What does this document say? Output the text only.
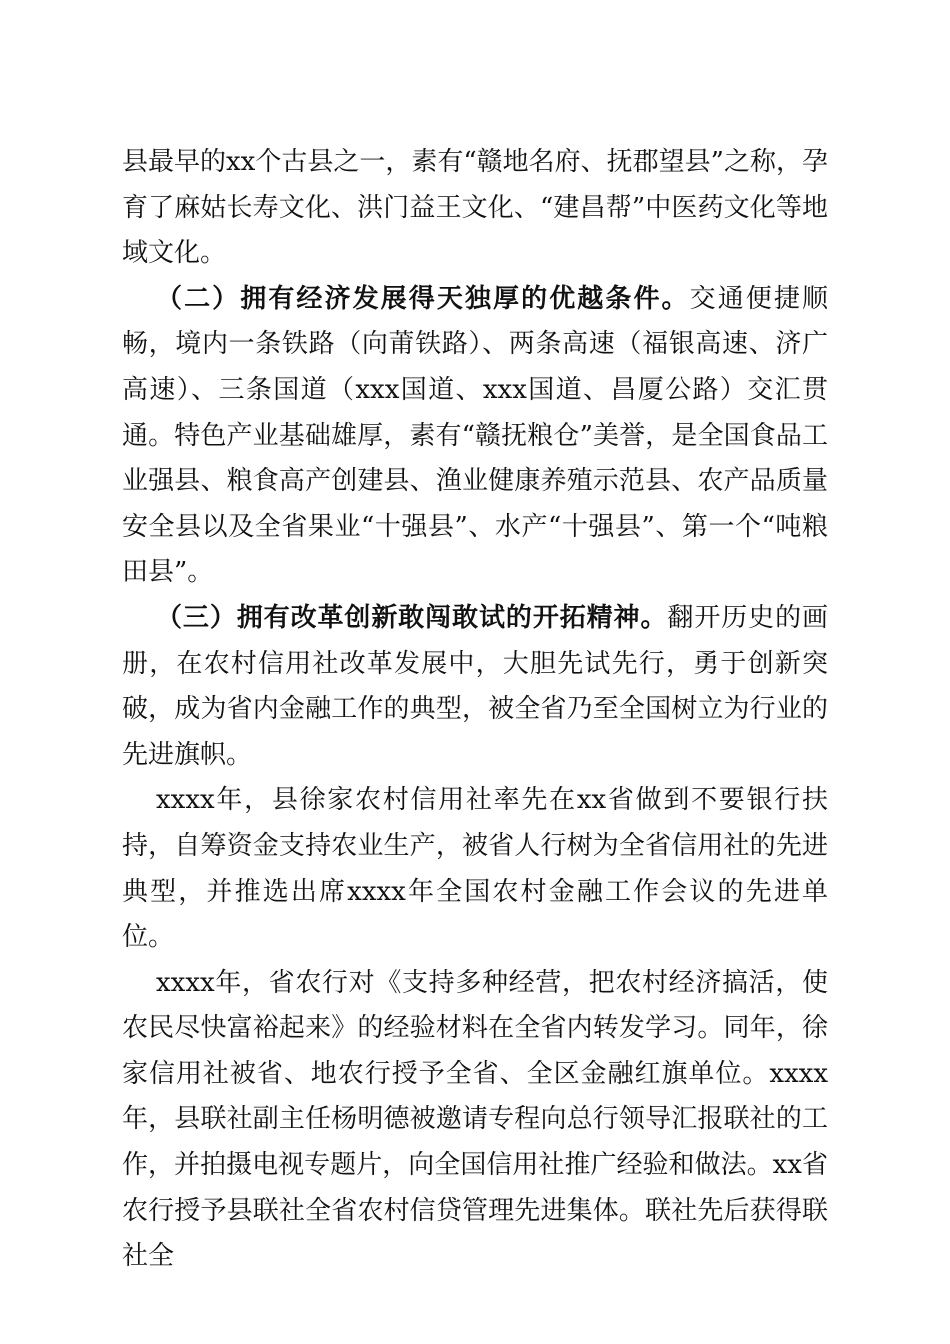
县最早的xx个古县之一，素有“赣地名府、抚郡望县”之称，孕育了麻姑长寿文化、洪门益王文化、“建昌帮”中医药文化等地域文化。

（二）拥有经济发展得天独厚的优越条件。交通便捷顺畅，境内一条铁路（向莆铁路）、两条高速（福银高速、济广高速）、三条国道（xxx国道、xxx国道、昌厦公路）交汇贯通。特色产业基础雄厚，素有“赣抚粮仓”美誉，是全国食品工业强县、粮食高产创建县、渔业健康养殖示范县、农产品质量安全县以及全省果业“十强县”、水产“十强县”、第一个“吨粮田县”。

（三）拥有改革创新敢闯敢试的开拓精神。翻开历史的画册，在农村信用社改革发展中，大胆先试先行，勇于创新突破，成为省内金融工作的典型，被全省乃至全国树立为行业的先进旗帜。

xxxx年，县徐家农村信用社率先在xx省做到不要银行扶持，自筹资金支持农业生产，被省人行树为全省信用社的先进典型，并推选出席xxxx年全国农村金融工作会议的先进单位。

xxxx年，省农行对《支持多种经营，把农村经济搞活，使农民尽快富裕起来》的经验材料在全省内转发学习。同年，徐家信用社被省、地农行授予全省、全区金融红旗单位。xxxx年，县联社副主任杨明德被邀请专程向总行领导汇报联社的工作，并拍摄电视专题片，向全国信用社推广经验和做法。xx省农行授予县联社全省农村信贷管理先进集体。联社先后获得联社全
